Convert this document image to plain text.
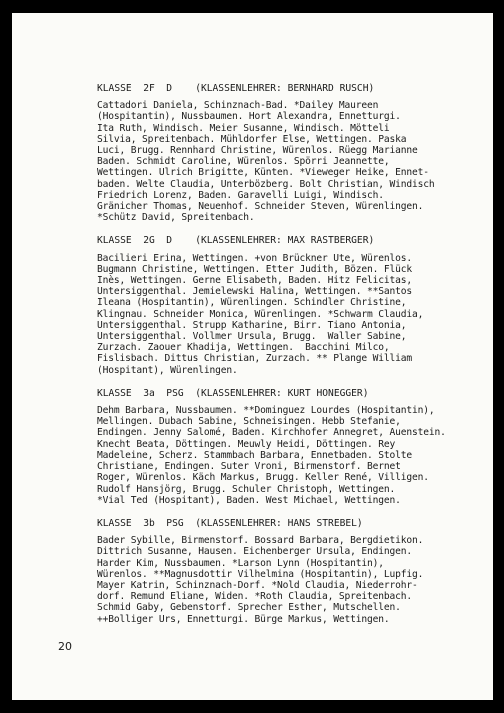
KLASSE  2F  D    (KLASSENLEHRER: BERNHARD RUSCH)
Cattadori Daniela, Schinznach-Bad. *Dailey Maureen
(Hospitantin), Nussbaumen. Hort Alexandra, Ennetturgi.
Ita Ruth, Windisch. Meier Susanne, Windisch. Mötteli
Silvia, Spreitenbach. Mühldorfer Else, Wettingen. Paska
Luci, Brugg. Rennhard Christine, Würenlos. Rüegg Marianne
Baden. Schmidt Caroline, Würenlos. Spörri Jeannette,
Wettingen. Ulrich Brigitte, Künten. *Vieweger Heike, Ennet-
baden. Welte Claudia, Unterbözberg. Bolt Christian, Windisch
Friedrich Lorenz, Baden. Garavelli Luigi, Windisch.
Gränicher Thomas, Neuenhof. Schneider Steven, Würenlingen.
*Schütz David, Spreitenbach.
KLASSE  2G  D    (KLASSENLEHRER: MAX RASTBERGER)
Bacilieri Erina, Wettingen. +von Brückner Ute, Würenlos.
Bugmann Christine, Wettingen. Etter Judith, Bözen. Flück
Inès, Wettingen. Gerne Elisabeth, Baden. Hitz Felicitas,
Untersiggenthal. Jemielewski Halina, Wettingen. **Santos
Ileana (Hospitantin), Würenlingen. Schindler Christine,
Klingnau. Schneider Monica, Würenlingen. *Schwarm Claudia,
Untersiggenthal. Strupp Katharine, Birr. Tiano Antonia,
Untersiggenthal. Vollmer Ursula, Brugg.  Waller Sabine,
Zurzach. Zaouer Khadija, Wettingen.  Bacchini Milco,
Fislisbach. Dittus Christian, Zurzach. ** Plange William
(Hospitant), Würenlingen.
KLASSE  3a  PSG  (KLASSENLEHRER: KURT HONEGGER)
Dehm Barbara, Nussbaumen. **Dominguez Lourdes (Hospitantin),
Mellingen. Dubach Sabine, Schneisingen. Hebb Stefanie,
Endingen. Jenny Salomé, Baden. Kirchhofer Annegret, Auenstein.
Knecht Beata, Döttingen. Meuwly Heidi, Döttingen. Rey
Madeleine, Scherz. Stammbach Barbara, Ennetbaden. Stolte
Christiane, Endingen. Suter Vroni, Birmenstorf. Bernet
Roger, Würenlos. Käch Markus, Brugg. Keller René, Villigen.
Rudolf Hansjörg, Brugg. Schuler Christoph, Wettingen.
*Vial Ted (Hospitant), Baden. West Michael, Wettingen.
KLASSE  3b  PSG  (KLASSENLEHRER: HANS STREBEL)
Bader Sybille, Birmenstorf. Bossard Barbara, Bergdietikon.
Dittrich Susanne, Hausen. Eichenberger Ursula, Endingen.
Harder Kim, Nussbaumen. *Larson Lynn (Hospitantin),
Würenlos. **Magnusdottir Vilhelmina (Hospitantin), Lupfig.
Mayer Katrin, Schinznach-Dorf. *Nold Claudia, Niederrohr-
dorf. Remund Eliane, Widen. *Roth Claudia, Spreitenbach.
Schmid Gaby, Gebenstorf. Sprecher Esther, Mutschellen.
++Bolliger Urs, Ennetturgi. Bürge Markus, Wettingen.
20
